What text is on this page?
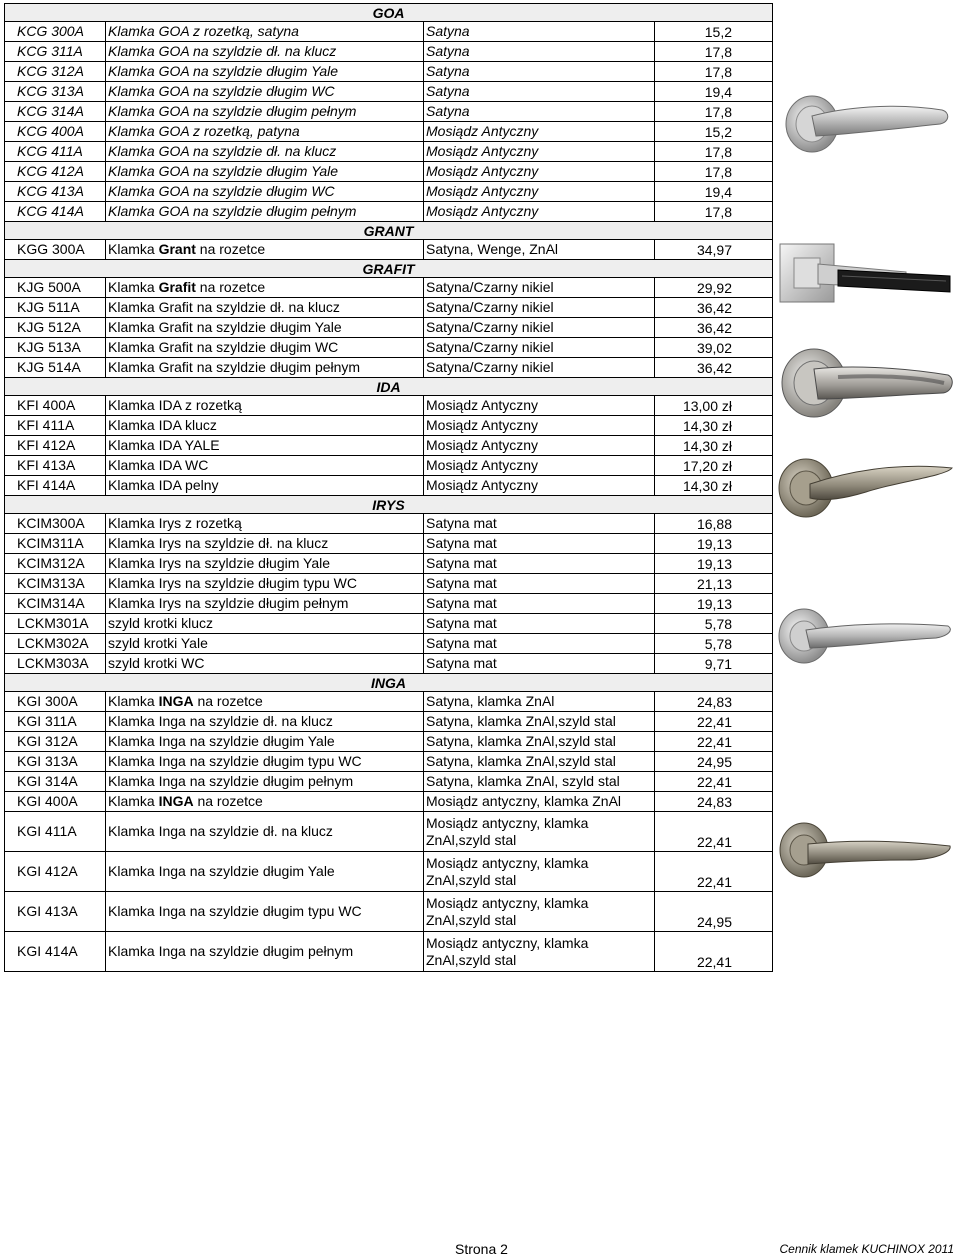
GOA			
KCG 300A	Klamka GOA z rozetką, satyna	Satyna	15,2
KCG 311A	Klamka GOA na szyldzie dł. na klucz	Satyna	17,8
KCG 312A	Klamka GOA na szyldzie długim Yale	Satyna	17,8
KCG 313A	Klamka GOA na szyldzie długim WC	Satyna	19,4
KCG 314A	Klamka GOA na szyldzie długim pełnym	Satyna	17,8
KCG 400A	Klamka GOA z rozetką, patyna	Mosiądz Antyczny	15,2
KCG 411A	Klamka GOA na szyldzie dł. na klucz	Mosiądz Antyczny	17,8
KCG 412A	Klamka GOA na szyldzie długim Yale	Mosiądz Antyczny	17,8
KCG 413A	Klamka GOA na szyldzie długim WC	Mosiądz Antyczny	19,4
KCG 414A	Klamka GOA na szyldzie długim pełnym	Mosiądz Antyczny	17,8
GRANT			
KGG 300A	Klamka Grant na rozetce	Satyna, Wenge, ZnAl	34,97
GRAFIT			
KJG 500A	Klamka Grafit na rozetce	Satyna/Czarny nikiel	29,92
KJG 511A	Klamka Grafit na szyldzie dł. na klucz	Satyna/Czarny nikiel	36,42
KJG 512A	Klamka Grafit na szyldzie długim Yale	Satyna/Czarny nikiel	36,42
KJG 513A	Klamka Grafit na szyldzie długim WC	Satyna/Czarny nikiel	39,02
KJG 514A	Klamka Grafit na szyldzie długim pełnym	Satyna/Czarny nikiel	36,42
IDA			
KFI 400A	Klamka IDA z rozetką	Mosiądz Antyczny	13,00 zł
KFI 411A	Klamka IDA klucz	Mosiądz Antyczny	14,30 zł
KFI 412A	Klamka IDA YALE	Mosiądz Antyczny	14,30 zł
KFI 413A	Klamka IDA WC	Mosiądz Antyczny	17,20 zł
KFI 414A	Klamka IDA pelny	Mosiądz Antyczny	14,30 zł
IRYS			
KCIM300A	Klamka Irys z rozetką	Satyna mat	16,88
KCIM311A	Klamka Irys na szyldzie dł. na klucz	Satyna mat	19,13
KCIM312A	Klamka Irys na szyldzie długim Yale	Satyna mat	19,13
KCIM313A	Klamka Irys na szyldzie długim typu WC	Satyna mat	21,13
KCIM314A	Klamka Irys na szyldzie długim pełnym	Satyna mat	19,13
LCKM301A	szyld krotki klucz	Satyna mat	5,78
LCKM302A	szyld krotki Yale	Satyna mat	5,78
LCKM303A	szyld krotki WC	Satyna mat	9,71
INGA			
KGI 300A	Klamka INGA na rozetce	Satyna, klamka ZnAl	24,83
KGI 311A	Klamka Inga na szyldzie dł. na klucz	Satyna, klamka ZnAl,szyld stal	22,41
KGI 312A	Klamka Inga na szyldzie długim Yale	Satyna, klamka ZnAl,szyld stal	22,41
KGI 313A	Klamka Inga na szyldzie długim typu WC	Satyna, klamka ZnAl,szyld stal	24,95
KGI 314A	Klamka Inga na szyldzie długim pełnym	Satyna, klamka ZnAl, szyld stal	22,41
KGI 400A	Klamka INGA na rozetce	Mosiądz antyczny, klamka ZnAl	24,83
KGI 411A	Klamka Inga na szyldzie dł. na klucz	Mosiądz antyczny, klamka ZnAl,szyld stal	22,41
KGI 412A	Klamka Inga na szyldzie długim Yale	Mosiądz antyczny, klamka ZnAl,szyld stal	22,41
KGI 413A	Klamka Inga na szyldzie długim typu WC	Mosiądz antyczny, klamka ZnAl,szyld stal	24,95
KGI 414A	Klamka Inga na szyldzie długim pełnym	Mosiądz antyczny, klamka ZnAl,szyld stal	22,41
Strona 2	Cennik klamek KUCHINOX 2011
